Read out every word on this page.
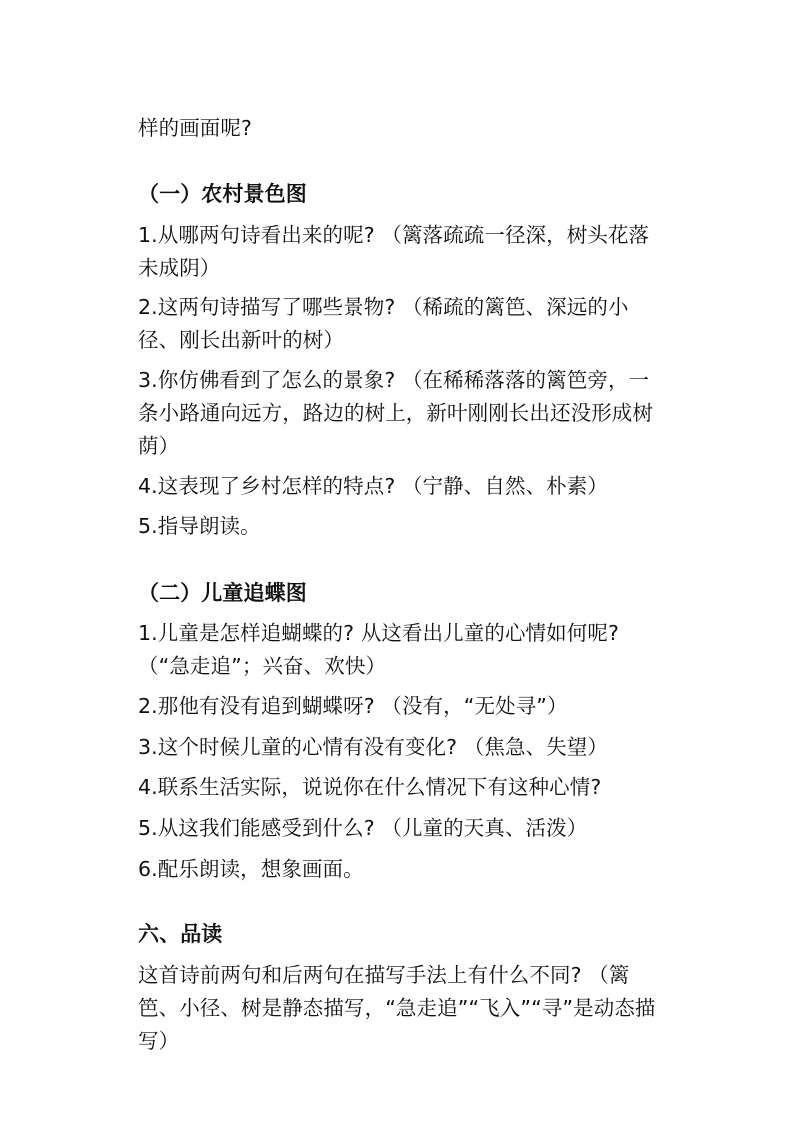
样的画面呢?

（一）农村景色图

1.从哪两句诗看出来的呢? （篱落疏疏一径深，树头花落
未成阴）

2.这两句诗描写了哪些景物? （稀疏的篱笆、深远的小
径、刚长出新叶的树）

3.你仿佛看到了怎么的景象? （在稀稀落落的篱笆旁，一
条小路通向远方，路边的树上，新叶刚刚长出还没形成树
荫）

4.这表现了乡村怎样的特点? （宁静、自然、朴素）

5.指导朗读。

（二）儿童追蝶图

1.儿童是怎样追蝴蝶的? 从这看出儿童的心情如何呢?
（“急走追”；兴奋、欢快）

2.那他有没有追到蝴蝶呀? （没有，“无处寻”）

3.这个时候儿童的心情有没有变化? （焦急、失望）

4.联系生活实际，说说你在什么情况下有这种心情?

5.从这我们能感受到什么? （儿童的天真、活泼）

6.配乐朗读，想象画面。

六、品读

这首诗前两句和后两句在描写手法上有什么不同? （篱
笆、小径、树是静态描写，“急走追”“飞入”“寻”是动态描
写）
